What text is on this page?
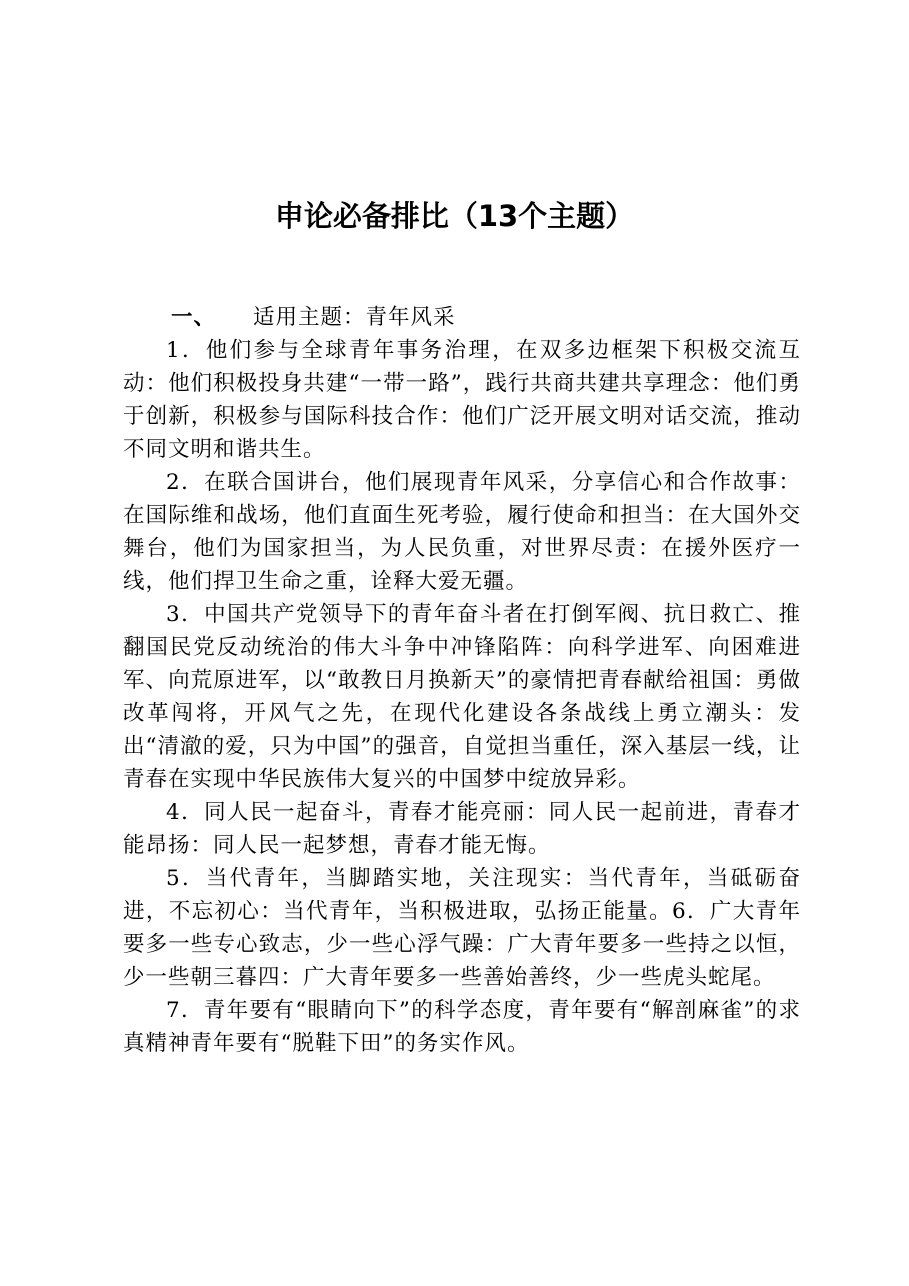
申论必备排比（13个主题）

一、 适用主题：青年风采

1．他们参与全球青年事务治理，在双多边框架下积极交流互动：他们积极投身共建“一带一路”，践行共商共建共享理念：他们勇于创新，积极参与国际科技合作：他们广泛开展文明对话交流，推动不同文明和谐共生。

2．在联合国讲台，他们展现青年风采，分享信心和合作故事：在国际维和战场，他们直面生死考验，履行使命和担当：在大国外交舞台，他们为国家担当，为人民负重，对世界尽责：在援外医疗一线，他们捍卫生命之重，诠释大爱无疆。

3．中国共产党领导下的青年奋斗者在打倒军阀、抗日救亡、推翻国民党反动统治的伟大斗争中冲锋陷阵：向科学进军、向困难进军、向荒原进军，以“敢教日月换新天”的豪情把青春献给祖国：勇做改革闯将，开风气之先，在现代化建设各条战线上勇立潮头：发出“清澈的爱，只为中国”的强音，自觉担当重任，深入基层一线，让青春在实现中华民族伟大复兴的中国梦中绽放异彩。

4．同人民一起奋斗，青春才能亮丽：同人民一起前进，青春才能昂扬：同人民一起梦想，青春才能无悔。

5．当代青年，当脚踏实地，关注现实：当代青年，当砥砺奋进，不忘初心：当代青年，当积极进取，弘扬正能量。6．广大青年要多一些专心致志，少一些心浮气躁：广大青年要多一些持之以恒，少一些朝三暮四：广大青年要多一些善始善终，少一些虎头蛇尾。

7．青年要有“眼睛向下”的科学态度，青年要有“解剖麻雀”的求真精神青年要有“脱鞋下田”的务实作风。
